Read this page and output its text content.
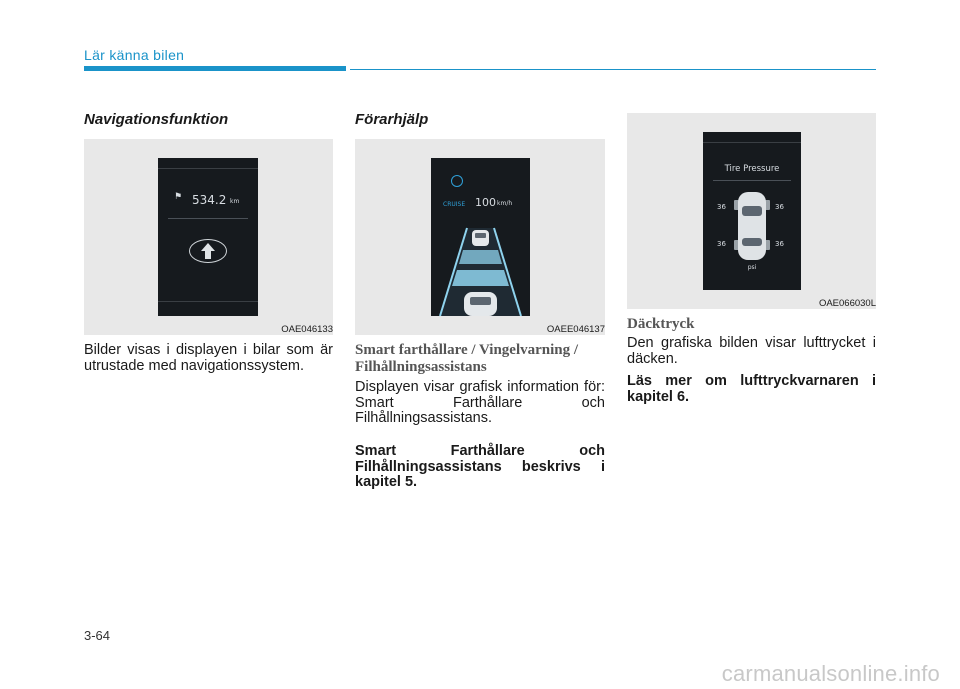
Lär känna bilen
Navigationsfunktion
⚑ 534.2 km
OAE046133
Bilder visas i displayen i bilar som är utrustade med navigationssystem.
Förarhjälp
CRUISE 100 km/h
OAEE046137
Smart farthållare / Vingelvarning /
Filhållningsassistans
Displayen visar grafisk information för: Smart Farthållare och Filhållningsassistans.
Smart Farthållare och Filhållningsassistans beskrivs i kapitel 5.
Tire Pressure
36	36
36	36
psi
OAE066030L
Däcktryck
Den grafiska bilden visar lufttrycket i däcken.
Läs mer om lufttryckvarnaren i kapitel 6.
3-64
carmanualsonline.info
